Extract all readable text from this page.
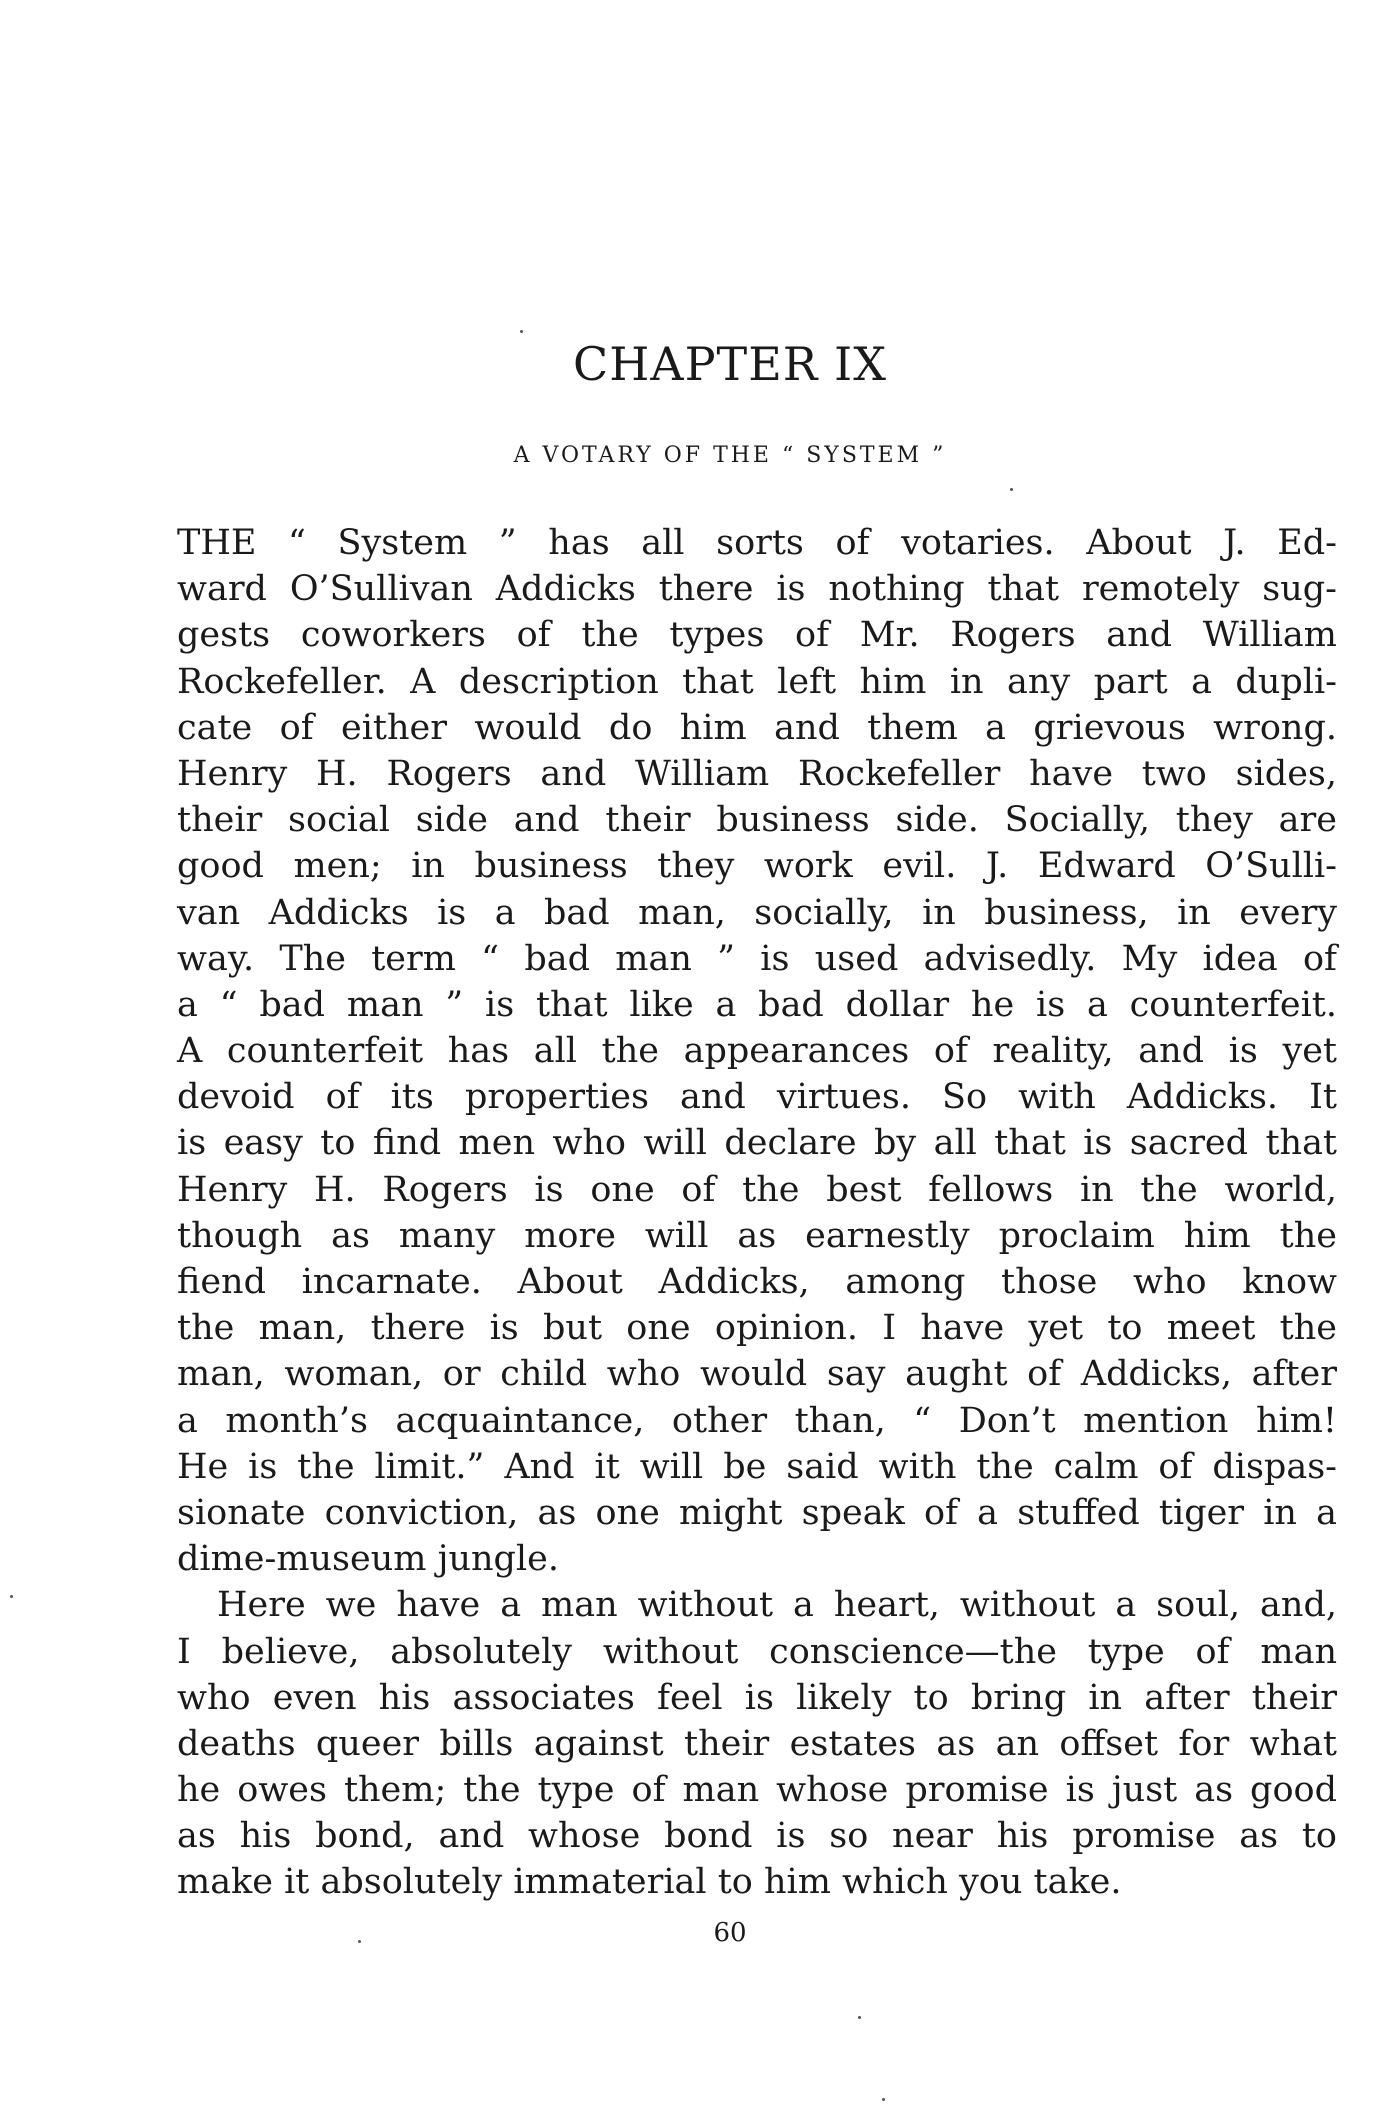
CHAPTER IX
A VOTARY OF THE “ SYSTEM ”
THE “ System ” has all sorts of votaries. About J. Ed-
ward O’Sullivan Addicks there is nothing that remotely sug-
gests coworkers of the types of Mr. Rogers and William
Rockefeller. A description that left him in any part a dupli-
cate of either would do him and them a grievous wrong.
Henry H. Rogers and William Rockefeller have two sides,
their social side and their business side. Socially, they are
good men; in business they work evil. J. Edward O’Sulli-
van Addicks is a bad man, socially, in business, in every
way. The term “ bad man ” is used advisedly. My idea of
a “ bad man ” is that like a bad dollar he is a counterfeit.
A counterfeit has all the appearances of reality, and is yet
devoid of its properties and virtues. So with Addicks. It
is easy to find men who will declare by all that is sacred that
Henry H. Rogers is one of the best fellows in the world,
though as many more will as earnestly proclaim him the
fiend incarnate. About Addicks, among those who know
the man, there is but one opinion. I have yet to meet the
man, woman, or child who would say aught of Addicks, after
a month’s acquaintance, other than, “ Don’t mention him!
He is the limit.” And it will be said with the calm of dispas-
sionate conviction, as one might speak of a stuffed tiger in a
dime-museum jungle.
Here we have a man without a heart, without a soul, and,
I believe, absolutely without conscience—the type of man
who even his associates feel is likely to bring in after their
deaths queer bills against their estates as an offset for what
he owes them; the type of man whose promise is just as good
as his bond, and whose bond is so near his promise as to
make it absolutely immaterial to him which you take.
60
